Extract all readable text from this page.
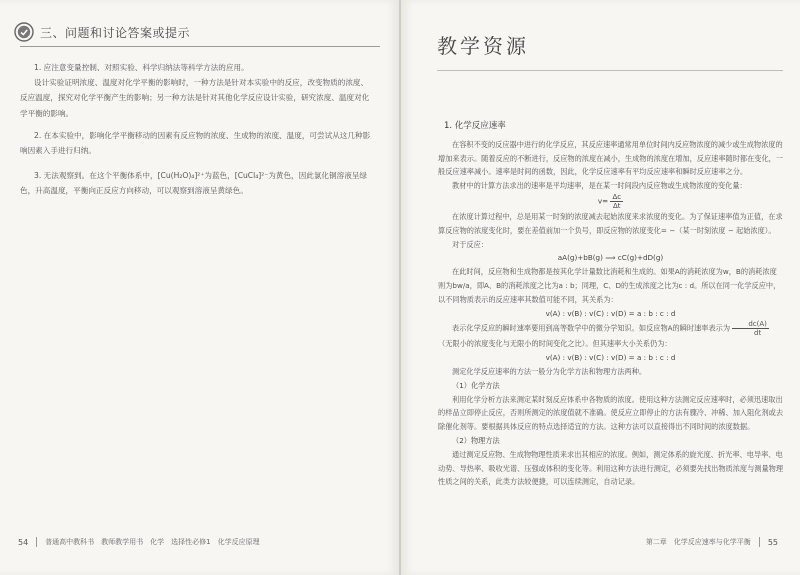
三、问题和讨论答案或提示

1. 应注意变量控制、对照实验、科学归纳法等科学方法的应用。

设计实验证明浓度、温度对化学平衡的影响时，一种方法是针对本实验中的反应，改变物质的浓度、反应温度，探究对化学平衡产生的影响；另一种方法是针对其他化学反应设计实验，研究浓度、温度对化学平衡的影响。

2. 在本实验中，影响化学平衡移动的因素有反应物的浓度、生成物的浓度、温度，可尝试从这几种影响因素入手进行归纳。

3. 无法观察到。在这个平衡体系中，[Cu(H₂O)₄]²⁺为蓝色，[CuCl₄]²⁻为黄色，因此氯化铜溶液呈绿色，升高温度，平衡向正反应方向移动，可以观察到溶液呈黄绿色。

54 普通高中教科书　教师教学用书　化学　选择性必修1　化学反应原理
教学资源
1. 化学反应速率

在容积不变的反应器中进行的化学反应，其反应速率通常用单位时间内反应物浓度的减少或生成物浓度的增加来表示。随着反应的不断进行，反应物的浓度在减小，生成物的浓度在增加，反应速率随时都在变化，一般反应速率减小。速率是时间的函数，因此，化学反应速率有平均反应速率和瞬时反应速率之分。

教材中的计算方法求出的速率是平均速率，是在某一时间段内反应物或生成物浓度的变化量：

$v= \frac{\Delta c}{\Delta t}$

在浓度计算过程中，总是用某一时刻的浓度减去起始浓度来求浓度的变化。为了保证速率值为正值，在求算反应物的浓度变化时，要在差值前加一个负号，即反应物的浓度变化= −（某一时刻浓度 − 起始浓度）。

对于反应：

aA(g)+bB(g) ⟹ cC(g)+dD(g)

在此时间，反应物和生成物都是按其化学计量数比消耗和生成的。如果A的消耗浓度为w，B的消耗浓度则为bw/a，即A、B的消耗浓度之比为a : b；同理，C、D的生成浓度之比为c : d。所以在同一化学反应中，以不同物质表示的反应速率其数值可能不同，其关系为：

v(A) : v(B) : v(C) : v(D) = a : b : c : d

表示化学反应的瞬时速率要用到高等数学中的微分学知识。如反应物A的瞬时速率表示为 $\frac{dc(A)}{dt}$
（无限小的浓度变化与无限小的时间变化之比）。但其速率大小关系仍为：

v(A) : v(B) : v(C) : v(D) = a : b : c : d

测定化学反应速率的方法一般分为化学方法和物理方法两种。

（1）化学方法

利用化学分析方法来测定某时刻反应体系中各物质的浓度。使用这种方法测定反应速率时，必须迅速取出的样品立即停止反应，否则所测定的浓度值就不准确。使反应立即停止的方法有骤冷、冲稀、加入阻化剂或去除催化剂等。要根据具体反应的特点选择适宜的方法。这种方法可以直接得出不同时间的浓度数据。

（2）物理方法

通过测定反应物、生成物物理性质来求出其相应的浓度。例如，测定体系的旋光度、折光率、电导率、电动势、导热率、吸收光谱、压强或体积的变化等。利用这种方法进行测定，必须要先找出物质浓度与测量物理性质之间的关系，此类方法较便捷，可以连续测定，自动记录。

第二章　化学反应速率与化学平衡 55
